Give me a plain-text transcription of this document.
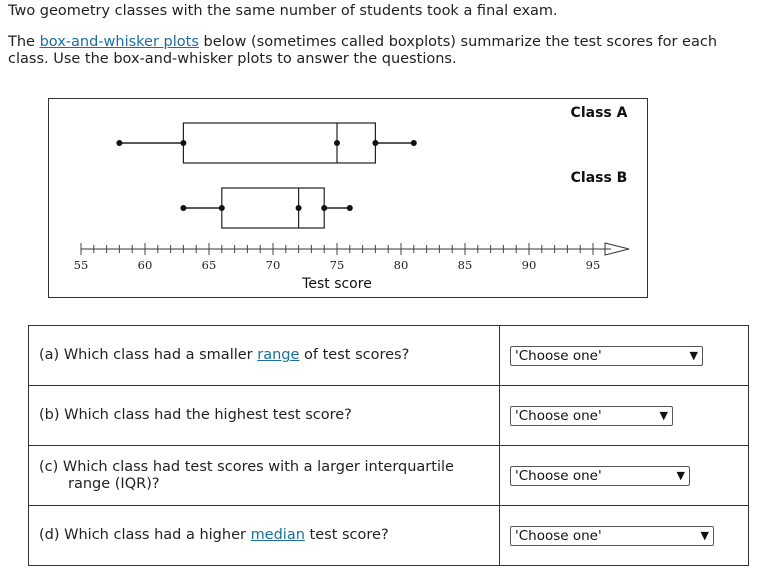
Two geometry classes with the same number of students took a final exam.
The box-and-whisker plots below (sometimes called boxplots) summarize the test scores for each class. Use the box-and-whisker plots to answer the questions.
Class A
Class B
55	60	65	70	75	80	85	90	95
Test score
(a) Which class had a smaller range of test scores?	'Choose one' ▼

(b) Which class had the highest test score?	'Choose one' ▼

(c) Which class had test scores with a larger interquartile range (IQR)?	'Choose one' ▼

(d) Which class had a higher median test score?	'Choose one' ▼
